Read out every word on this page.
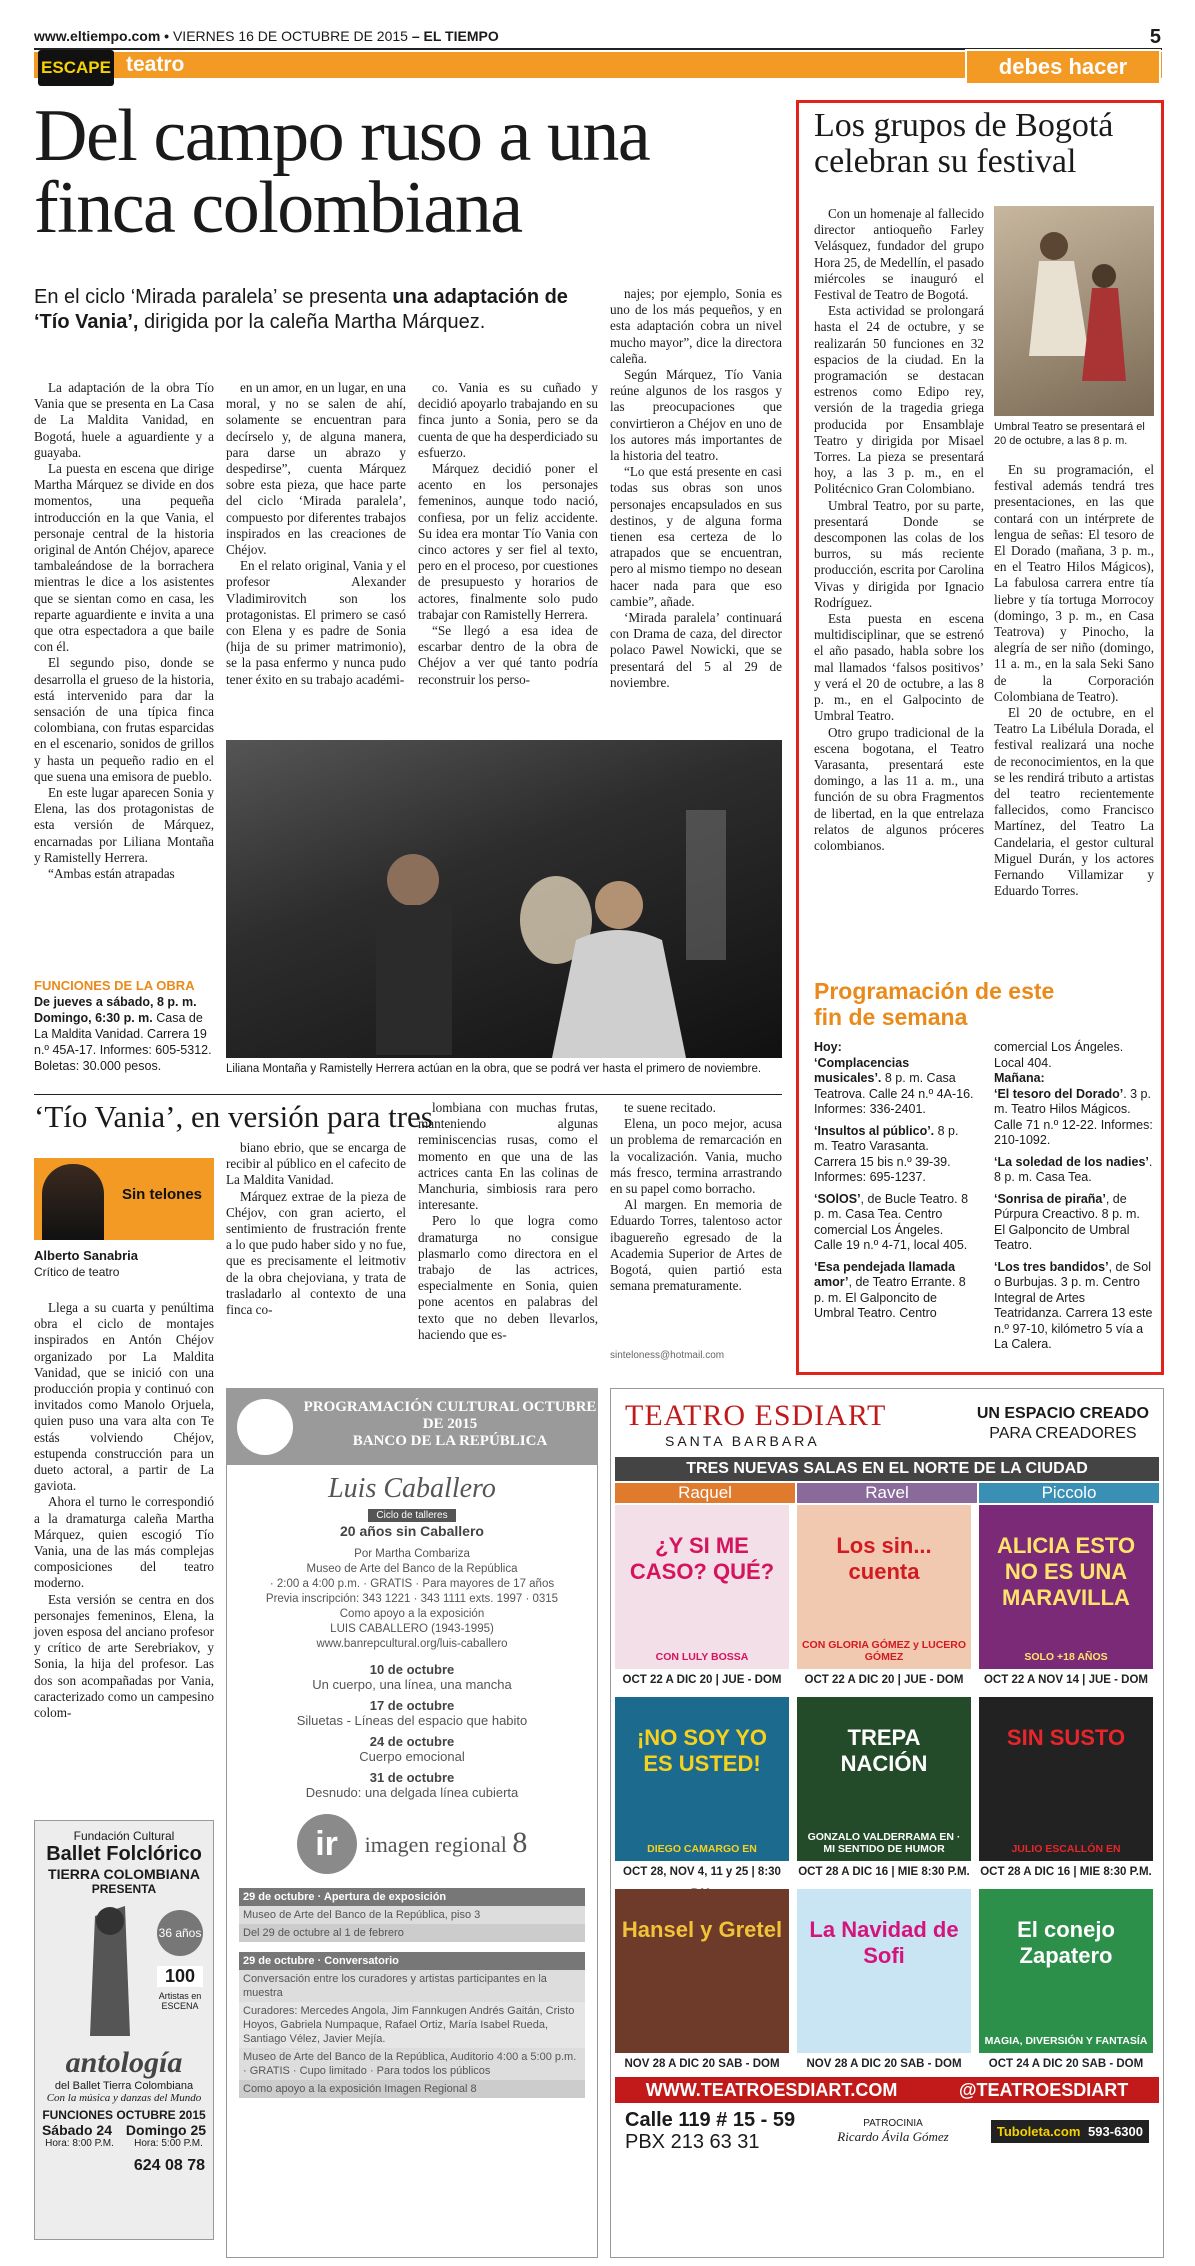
www.eltiempo.com • VIERNES 16 DE OCTUBRE DE 2015 – EL TIEMPO	5
ESCAPE teatro	debes hacer
Del campo ruso a una finca colombiana
En el ciclo ‘Mirada paralela’ se presenta una adaptación de ‘Tío Vania’, dirigida por la caleña Martha Márquez.

La adaptación de la obra Tío Vania que se presenta en La Casa de La Maldita Vanidad, en Bogotá, huele a aguardiente y a guayaba.

La puesta en escena que dirige Martha Márquez se divide en dos momentos, una pequeña introducción en la que Vania, el personaje central de la historia original de Antón Chéjov, aparece tambaleándose de la borrachera mientras le dice a los asistentes que se sientan como en casa, les reparte aguardiente e invita a una que otra espectadora a que baile con él.

El segundo piso, donde se desarrolla el grueso de la historia, está intervenido para dar la sensación de una típica finca colombiana, con frutas esparcidas en el escenario, sonidos de grillos y hasta un pequeño radio en el que suena una emisora de pueblo.

En este lugar aparecen Sonia y Elena, las dos protagonistas de esta versión de Márquez, encarnadas por Liliana Montaña y Ramistelly Herrera.

“Ambas están atrapadas

en un amor, en un lugar, en una moral, y no se salen de ahí, solamente se encuentran para decírselo y, de alguna manera, para darse un abrazo y despedirse”, cuenta Márquez sobre esta pieza, que hace parte del ciclo ‘Mirada paralela’, compuesto por diferentes trabajos inspirados en las creaciones de Chéjov.

En el relato original, Vania y el profesor Alexander Vladimirovitch son los protagonistas. El primero se casó con Elena y es padre de Sonia (hija de su primer matrimonio), se la pasa enfermo y nunca pudo tener éxito en su trabajo académi-

co. Vania es su cuñado y decidió apoyarlo trabajando en su finca junto a Sonia, pero se da cuenta de que ha desperdiciado su esfuerzo.

Márquez decidió poner el acento en los personajes femeninos, aunque todo nació, confiesa, por un feliz accidente. Su idea era montar Tío Vania con cinco actores y ser fiel al texto, pero en el proceso, por cuestiones de presupuesto y horarios de actores, finalmente solo pudo trabajar con Ramistelly Herrera.

“Se llegó a esa idea de escarbar dentro de la obra de Chéjov a ver qué tanto podría reconstruir los perso-

najes; por ejemplo, Sonia es uno de los más pequeños, y en esta adaptación cobra un nivel mucho mayor”, dice la directora caleña.

Según Márquez, Tío Vania reúne algunos de los rasgos y las preocupaciones que convirtieron a Chéjov en uno de los autores más importantes de la historia del teatro.

“Lo que está presente en casi todas sus obras son unos personajes encapsulados en sus destinos, y de alguna forma tienen esa certeza de lo atrapados que se encuentran, pero al mismo tiempo no desean hacer nada para que eso cambie”, añade.

‘Mirada paralela’ continuará con Drama de caza, del director polaco Pawel Nowicki, que se presentará del 5 al 29 de noviembre.

FUNCIONES DE LA OBRA
De jueves a sábado, 8 p. m. Domingo, 6:30 p. m. Casa de La Maldita Vanidad. Carrera 19 n.º 45A-17. Informes: 605-5312. Boletas: 30.000 pesos.	Liliana Montaña y Ramistelly Herrera actúan en la obra, que se podrá ver hasta el primero de noviembre.
‘Tío Vania’, en versión para tres
Sin telones
Alberto Sanabria
Crítico de teatro

Llega a su cuarta y penúltima obra el ciclo de montajes inspirados en Antón Chéjov organizado por La Maldita Vanidad, que se inició con una producción propia y continuó con invitados como Manolo Orjuela, quien puso una vara alta con Te estás volviendo Chéjov, estupenda construcción para un dueto actoral, a partir de La gaviota.

Ahora el turno le correspondió a la dramaturga caleña Martha Márquez, quien escogió Tío Vania, una de las más complejas composiciones del teatro moderno.

Esta versión se centra en dos personajes femeninos, Elena, la joven esposa del anciano profesor y crítico de arte Serebriakov, y Sonia, la hija del profesor. Las dos son acompañadas por Vania, caracterizado como un campesino colom-

biano ebrio, que se encarga de recibir al público en el cafecito de La Maldita Vanidad.

Márquez extrae de la pieza de Chéjov, con gran acierto, el sentimiento de frustración frente a lo que pudo haber sido y no fue, que es precisamente el leitmotiv de la obra chejoviana, y trata de trasladarlo al contexto de una finca co-

lombiana con muchas frutas, manteniendo algunas reminiscencias rusas, como el momento en que una de las actrices canta En las colinas de Manchuria, simbiosis rara pero interesante.

Pero lo que logra como dramaturga no consigue plasmarlo como directora en el trabajo de las actrices, especialmente en Sonia, quien pone acentos en palabras del texto que no deben llevarlos, haciendo que es-

te suene recitado.

Elena, un poco mejor, acusa un problema de remarcación en la vocalización. Vania, mucho más fresco, termina arrastrando en su papel como borracho.

Al margen. En memoria de Eduardo Torres, talentoso actor ibaguereño egresado de la Academia Superior de Artes de Bogotá, quien partió esta semana prematuramente.

sinteloness@hotmail.com
Los grupos de Bogotá celebran su festival

Con un homenaje al fallecido director antioqueño Farley Velásquez, fundador del grupo Hora 25, de Medellín, el pasado miércoles se inauguró el Festival de Teatro de Bogotá.

Esta actividad se prolongará hasta el 24 de octubre, y se realizarán 50 funciones en 32 espacios de la ciudad. En la programación se destacan estrenos como Edipo rey, versión de la tragedia griega producida por Ensamblaje Teatro y dirigida por Misael Torres. La pieza se presentará hoy, a las 3 p. m., en el Politécnico Gran Colombiano.

Umbral Teatro, por su parte, presentará Donde se descomponen las colas de los burros, su más reciente producción, escrita por Carolina Vivas y dirigida por Ignacio Rodríguez.

Esta puesta en escena multidisciplinar, que se estrenó el año pasado, habla sobre los mal llamados ‘falsos positivos’ y verá el 20 de octubre, a las 8 p. m., en el Galpocinto de Umbral Teatro.

Otro grupo tradicional de la escena bogotana, el Teatro Varasanta, presentará este domingo, a las 11 a. m., una función de su obra Fragmentos de libertad, en la que entrelaza relatos de algunos próceres colombianos.

Umbral Teatro se presentará el 20 de octubre, a las 8 p. m.

En su programación, el festival además tendrá tres presentaciones, en las que contará con un intérprete de lengua de señas: El tesoro de El Dorado (mañana, 3 p. m., en el Teatro Hilos Mágicos), La fabulosa carrera entre tía liebre y tía tortuga Morrocoy (domingo, 3 p. m., en Casa Teatrova) y Pinocho, la alegría de ser niño (domingo, 11 a. m., en la sala Seki Sano de la Corporación Colombiana de Teatro).

El 20 de octubre, en el Teatro La Libélula Dorada, el festival realizará una noche de reconocimientos, en la que se les rendirá tributo a artistas del teatro recientemente fallecidos, como Francisco Martínez, del Teatro La Candelaria, el gestor cultural Miguel Durán, y los actores Fernando Villamizar y Eduardo Torres.

Programación de este fin de semana
Hoy:
‘Complacencias musicales’. 8 p. m. Casa Teatrova. Calle 24 n.º 4A-16. Informes: 336-2401.
‘Insultos al público’. 8 p. m. Teatro Varasanta. Carrera 15 bis n.º 39-39. Informes: 695-1237.
‘SOlOS’, de Bucle Teatro. 8 p. m. Casa Tea. Centro comercial Los Ángeles. Calle 19 n.º 4-71, local 405.
‘Esa pendejada llamada amor’, de Teatro Errante. 8 p. m. El Galponcito de Umbral Teatro. Centro
comercial Los Ángeles. Local 404.
Mañana:
‘El tesoro del Dorado’. 3 p. m. Teatro Hilos Mágicos. Calle 71 n.º 12-22. Informes: 210-1092.
‘La soledad de los nadies’. 8 p. m. Casa Tea.
‘Sonrisa de piraña’, de Púrpura Creactivo. 8 p. m. El Galponcito de Umbral Teatro.
‘Los tres bandidos’, de Sol o Burbujas. 3 p. m. Centro Integral de Artes Teatridanza. Carrera 13 este n.º 97-10, kilómetro 5 vía a La Calera.
Fundación Cultural
Ballet Folclórico
TIERRA COLOMBIANA
PRESENTA
36 años
100
Artistas en ESCENA
antología
del Ballet Tierra Colombiana
Con la música y danzas del Mundo
FUNCIONES OCTUBRE 2015
Sábado 24 Domingo 25
Hora: 8:00 P.M. Hora: 5:00 P.M.
624 08 78
PROGRAMACIÓN CULTURAL OCTUBRE DE 2015
BANCO DE LA REPÚBLICA
Luis Caballero
Ciclo de talleres
20 años sin Caballero
Por Martha Combariza
Museo de Arte del Banco de la República
· 2:00 a 4:00 p.m. · GRATIS · Para mayores de 17 años
Previa inscripción: 343 1221 · 343 1111 exts. 1997 · 0315
Como apoyo a la exposición
LUIS CABALLERO (1943-1995)
www.banrepcultural.org/luis-caballero
10 de octubre
Un cuerpo, una línea, una mancha
17 de octubre
Siluetas - Líneas del espacio que habito
24 de octubre
Cuerpo emocional
31 de octubre
Desnudo: una delgada línea cubierta
ir	imagen regional 8
29 de octubre · Apertura de exposición
Museo de Arte del Banco de la República, piso 3
Del 29 de octubre al 1 de febrero
29 de octubre · Conversatorio
Conversación entre los curadores y artistas participantes en la muestra
Curadores: Mercedes Angola, Jim Fannkugen Andrés Gaitán, Cristo Hoyos, Gabriela Numpaque, Rafael Ortiz, María Isabel Rueda, Santiago Vélez, Javier Mejía.
Museo de Arte del Banco de la República, Auditorio 4:00 a 5:00 p.m. · GRATIS · Cupo limitado · Para todos los públicos
Como apoyo a la exposición Imagen Regional 8
TEATRO ESDIART
SANTA BARBARA
UN ESPACIO CREADO
PARA CREADORES
TRES NUEVAS SALAS EN EL NORTE DE LA CIUDAD
Raquel	Ravel	Piccolo
¿Y SI ME CASO? QUÉ?
CON LULY BOSSA
OCT 22 A DIC 20 | JUE - DOM
Los sin... cuenta
CON GLORIA GÓMEZ y LUCERO GÓMEZ
OCT 22 A DIC 20 | JUE - DOM
ALICIA ESTO NO ES UNA MARAVILLA
SOLO +18 AÑOS
OCT 22 A NOV 14 | JUE - DOM
¡NO SOY YO ES USTED!
DIEGO CAMARGO EN
OCT 28, NOV 4, 11 y 25 | 8:30
TREPA NACIÓN
GONZALO VALDERRAMA EN · MI SENTIDO DE HUMOR
OCT 28 A DIC 16 | MIE 8:30 P.M.
SIN SUSTO
JULIO ESCALLÓN EN
OCT 28 A DIC 16 | MIE 8:30 P.M.
Hansel y Gretel
NOV 28 A DIC 20 SAB - DOM
La Navidad de Sofi
NOV 28 A DIC 20 SAB - DOM
El conejo Zapatero
MAGIA, DIVERSIÓN Y FANTASÍA
OCT 24 A DIC 20 SAB - DOM
WWW.TEATROESDIART.COM	@TEATROESDIART
Calle 119 # 15 - 59
PBX 213 63 31
PATROCINIA
Ricardo Ávila Gómez	Tuboleta.com 593-6300
